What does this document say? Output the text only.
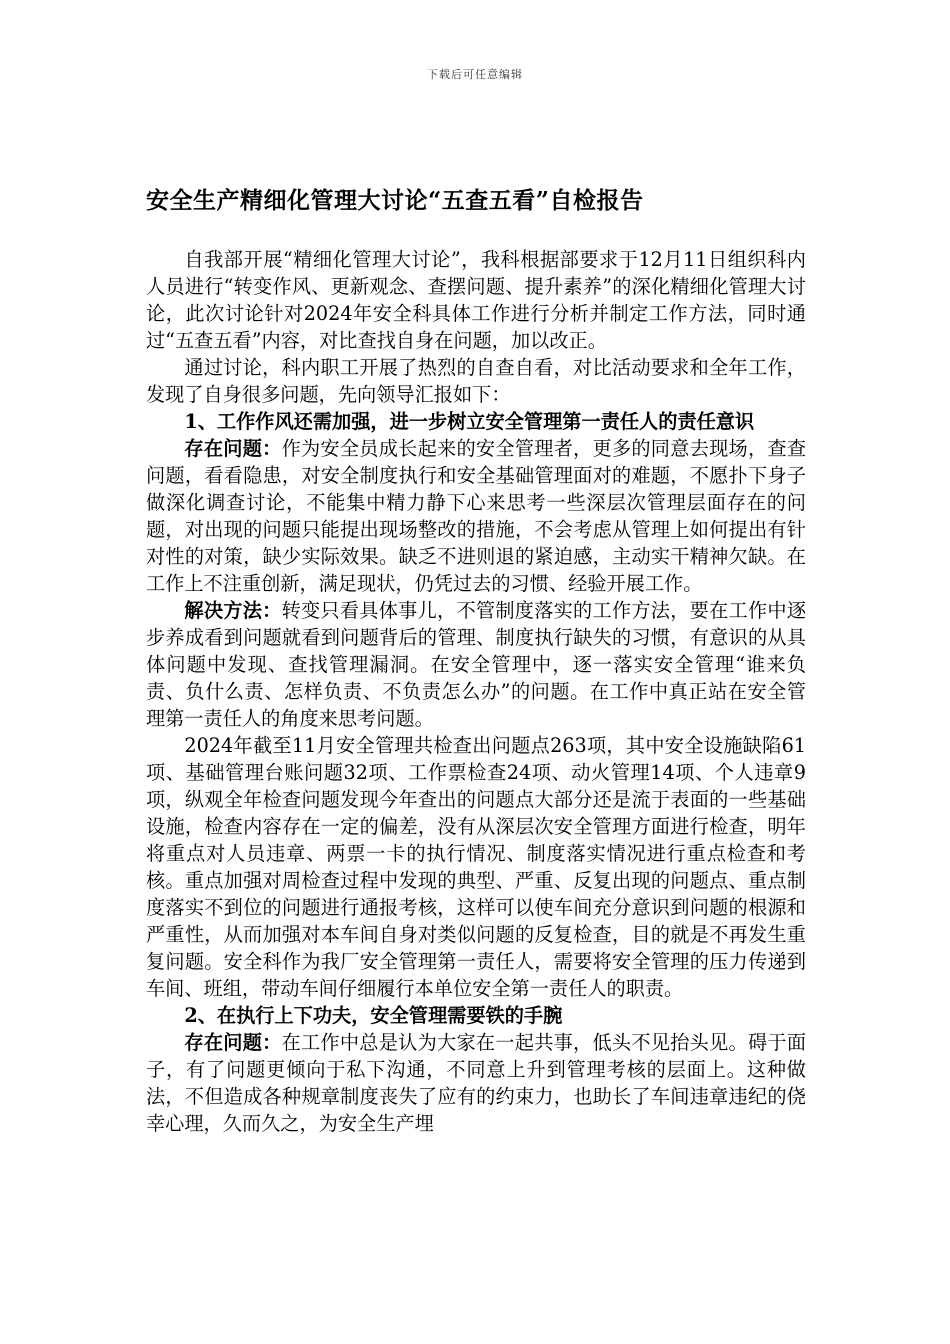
下载后可任意编辑
安全生产精细化管理大讨论“五查五看”自检报告

自我部开展“精细化管理大讨论”，我科根据部要求于12月11日组织科内人员进行“转变作风、更新观念、查摆问题、提升素养”的深化精细化管理大讨论，此次讨论针对2024年安全科具体工作进行分析并制定工作方法，同时通过“五查五看”内容，对比查找自身在问题，加以改正。

通过讨论，科内职工开展了热烈的自查自看，对比活动要求和全年工作，发现了自身很多问题，先向领导汇报如下：

1、工作作风还需加强，进一步树立安全管理第一责任人的责任意识

存在问题：作为安全员成长起来的安全管理者，更多的同意去现场，查查问题，看看隐患，对安全制度执行和安全基础管理面对的难题，不愿扑下身子做深化调查讨论，不能集中精力静下心来思考一些深层次管理层面存在的问题，对出现的问题只能提出现场整改的措施，不会考虑从管理上如何提出有针对性的对策，缺少实际效果。缺乏不进则退的紧迫感，主动实干精神欠缺。在工作上不注重创新，满足现状，仍凭过去的习惯、经验开展工作。

解决方法：转变只看具体事儿，不管制度落实的工作方法，要在工作中逐步养成看到问题就看到问题背后的管理、制度执行缺失的习惯，有意识的从具体问题中发现、查找管理漏洞。在安全管理中，逐一落实安全管理“谁来负责、负什么责、怎样负责、不负责怎么办”的问题。在工作中真正站在安全管理第一责任人的角度来思考问题。

2024年截至11月安全管理共检查出问题点263项，其中安全设施缺陷61项、基础管理台账问题32项、工作票检查24项、动火管理14项、个人违章9项，纵观全年检查问题发现今年查出的问题点大部分还是流于表面的一些基础设施，检查内容存在一定的偏差，没有从深层次安全管理方面进行检查，明年将重点对人员违章、两票一卡的执行情况、制度落实情况进行重点检查和考核。重点加强对周检查过程中发现的典型、严重、反复出现的问题点、重点制度落实不到位的问题进行通报考核，这样可以使车间充分意识到问题的根源和严重性，从而加强对本车间自身对类似问题的反复检查，目的就是不再发生重复问题。安全科作为我厂安全管理第一责任人，需要将安全管理的压力传递到车间、班组，带动车间仔细履行本单位安全第一责任人的职责。

2、在执行上下功夫，安全管理需要铁的手腕

存在问题：在工作中总是认为大家在一起共事，低头不见抬头见。碍于面子，有了问题更倾向于私下沟通，不同意上升到管理考核的层面上。这种做法，不但造成各种规章制度丧失了应有的约束力，也助长了车间违章违纪的侥幸心理，久而久之，为安全生产埋
